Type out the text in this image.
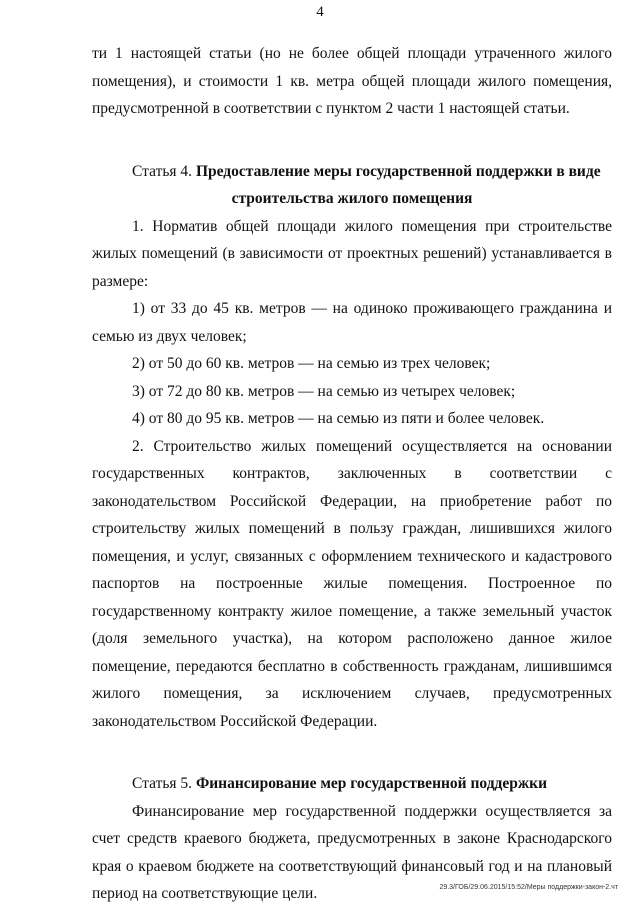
4

ти 1 настоящей статьи (но не более общей площади утраченного жилого помещения), и стоимости 1 кв. метра общей площади жилого помещения, предусмотренной в соответствии с пунктом 2 части 1 настоящей статьи.

Статья 4. Предоставление меры государственной поддержки в виде
строительства жилого помещения

1. Норматив общей площади жилого помещения при строительстве жилых помещений (в зависимости от проектных решений) устанавливается в размере:

1) от 33 до 45 кв. метров — на одиноко проживающего гражданина и семью из двух человек;

2) от 50 до 60 кв. метров — на семью из трех человек;

3) от 72 до 80 кв. метров — на семью из четырех человек;

4) от 80 до 95 кв. метров — на семью из пяти и более человек.

2. Строительство жилых помещений осуществляется на основании государственных контрактов, заключенных в соответствии с законодательством Российской Федерации, на приобретение работ по строительству жилых помещений в пользу граждан, лишившихся жилого помещения, и услуг, связанных с оформлением технического и кадастрового паспортов на построенные жилые помещения. Построенное по государственному контракту жилое помещение, а также земельный участок (доля земельного участка), на котором расположено данное жилое помещение, передаются бесплатно в собственность гражданам, лишившимся жилого помещения, за исключением случаев, предусмотренных законодательством Российской Федерации.

Статья 5. Финансирование мер государственной поддержки

Финансирование мер государственной поддержки осуществляется за счет средств краевого бюджета, предусмотренных в законе Краснодарского края о краевом бюджете на соответствующий финансовый год и на плановый период на соответствующие цели.	29.3/ГОБ/29.06.2015/15:52/Меры поддержки-закон-2.чт
